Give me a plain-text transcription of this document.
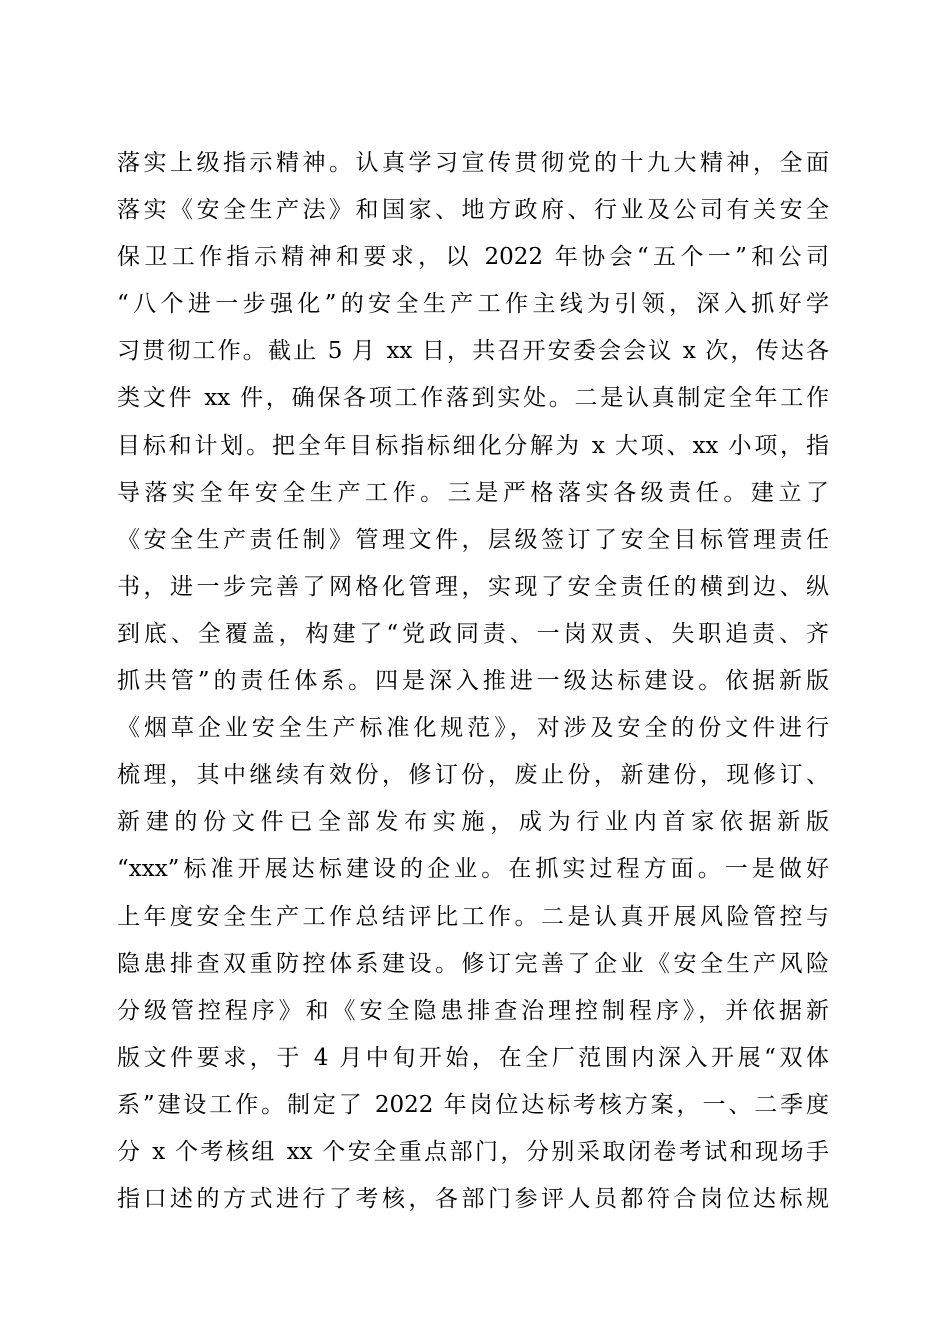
落实上级指示精神。认真学习宣传贯彻党的十九大精神，全面
落实《安全生产法》和国家、地方政府、行业及公司有关安全
保卫工作指示精神和要求，以 2022 年协会“五个一”和公司
“八个进一步强化”的安全生产工作主线为引领，深入抓好学
习贯彻工作。截止 5 月 xx 日，共召开安委会会议 x 次，传达各
类文件 xx 件，确保各项工作落到实处。二是认真制定全年工作
目标和计划。把全年目标指标细化分解为 x 大项、xx 小项，指
导落实全年安全生产工作。三是严格落实各级责任。建立了
《安全生产责任制》管理文件，层级签订了安全目标管理责任
书，进一步完善了网格化管理，实现了安全责任的横到边、纵
到底、全覆盖，构建了“党政同责、一岗双责、失职追责、齐
抓共管”的责任体系。四是深入推进一级达标建设。依据新版
《烟草企业安全生产标准化规范》，对涉及安全的份文件进行
梳理，其中继续有效份，修订份，废止份，新建份，现修订、
新建的份文件已全部发布实施，成为行业内首家依据新版
“xxx”标准开展达标建设的企业。在抓实过程方面。一是做好
上年度安全生产工作总结评比工作。二是认真开展风险管控与
隐患排查双重防控体系建设。修订完善了企业《安全生产风险
分级管控程序》和《安全隐患排查治理控制程序》，并依据新
版文件要求，于 4 月中旬开始，在全厂范围内深入开展“双体
系”建设工作。制定了 2022 年岗位达标考核方案，一、二季度
分 x 个考核组 xx 个安全重点部门，分别采取闭卷考试和现场手
指口述的方式进行了考核，各部门参评人员都符合岗位达标规
